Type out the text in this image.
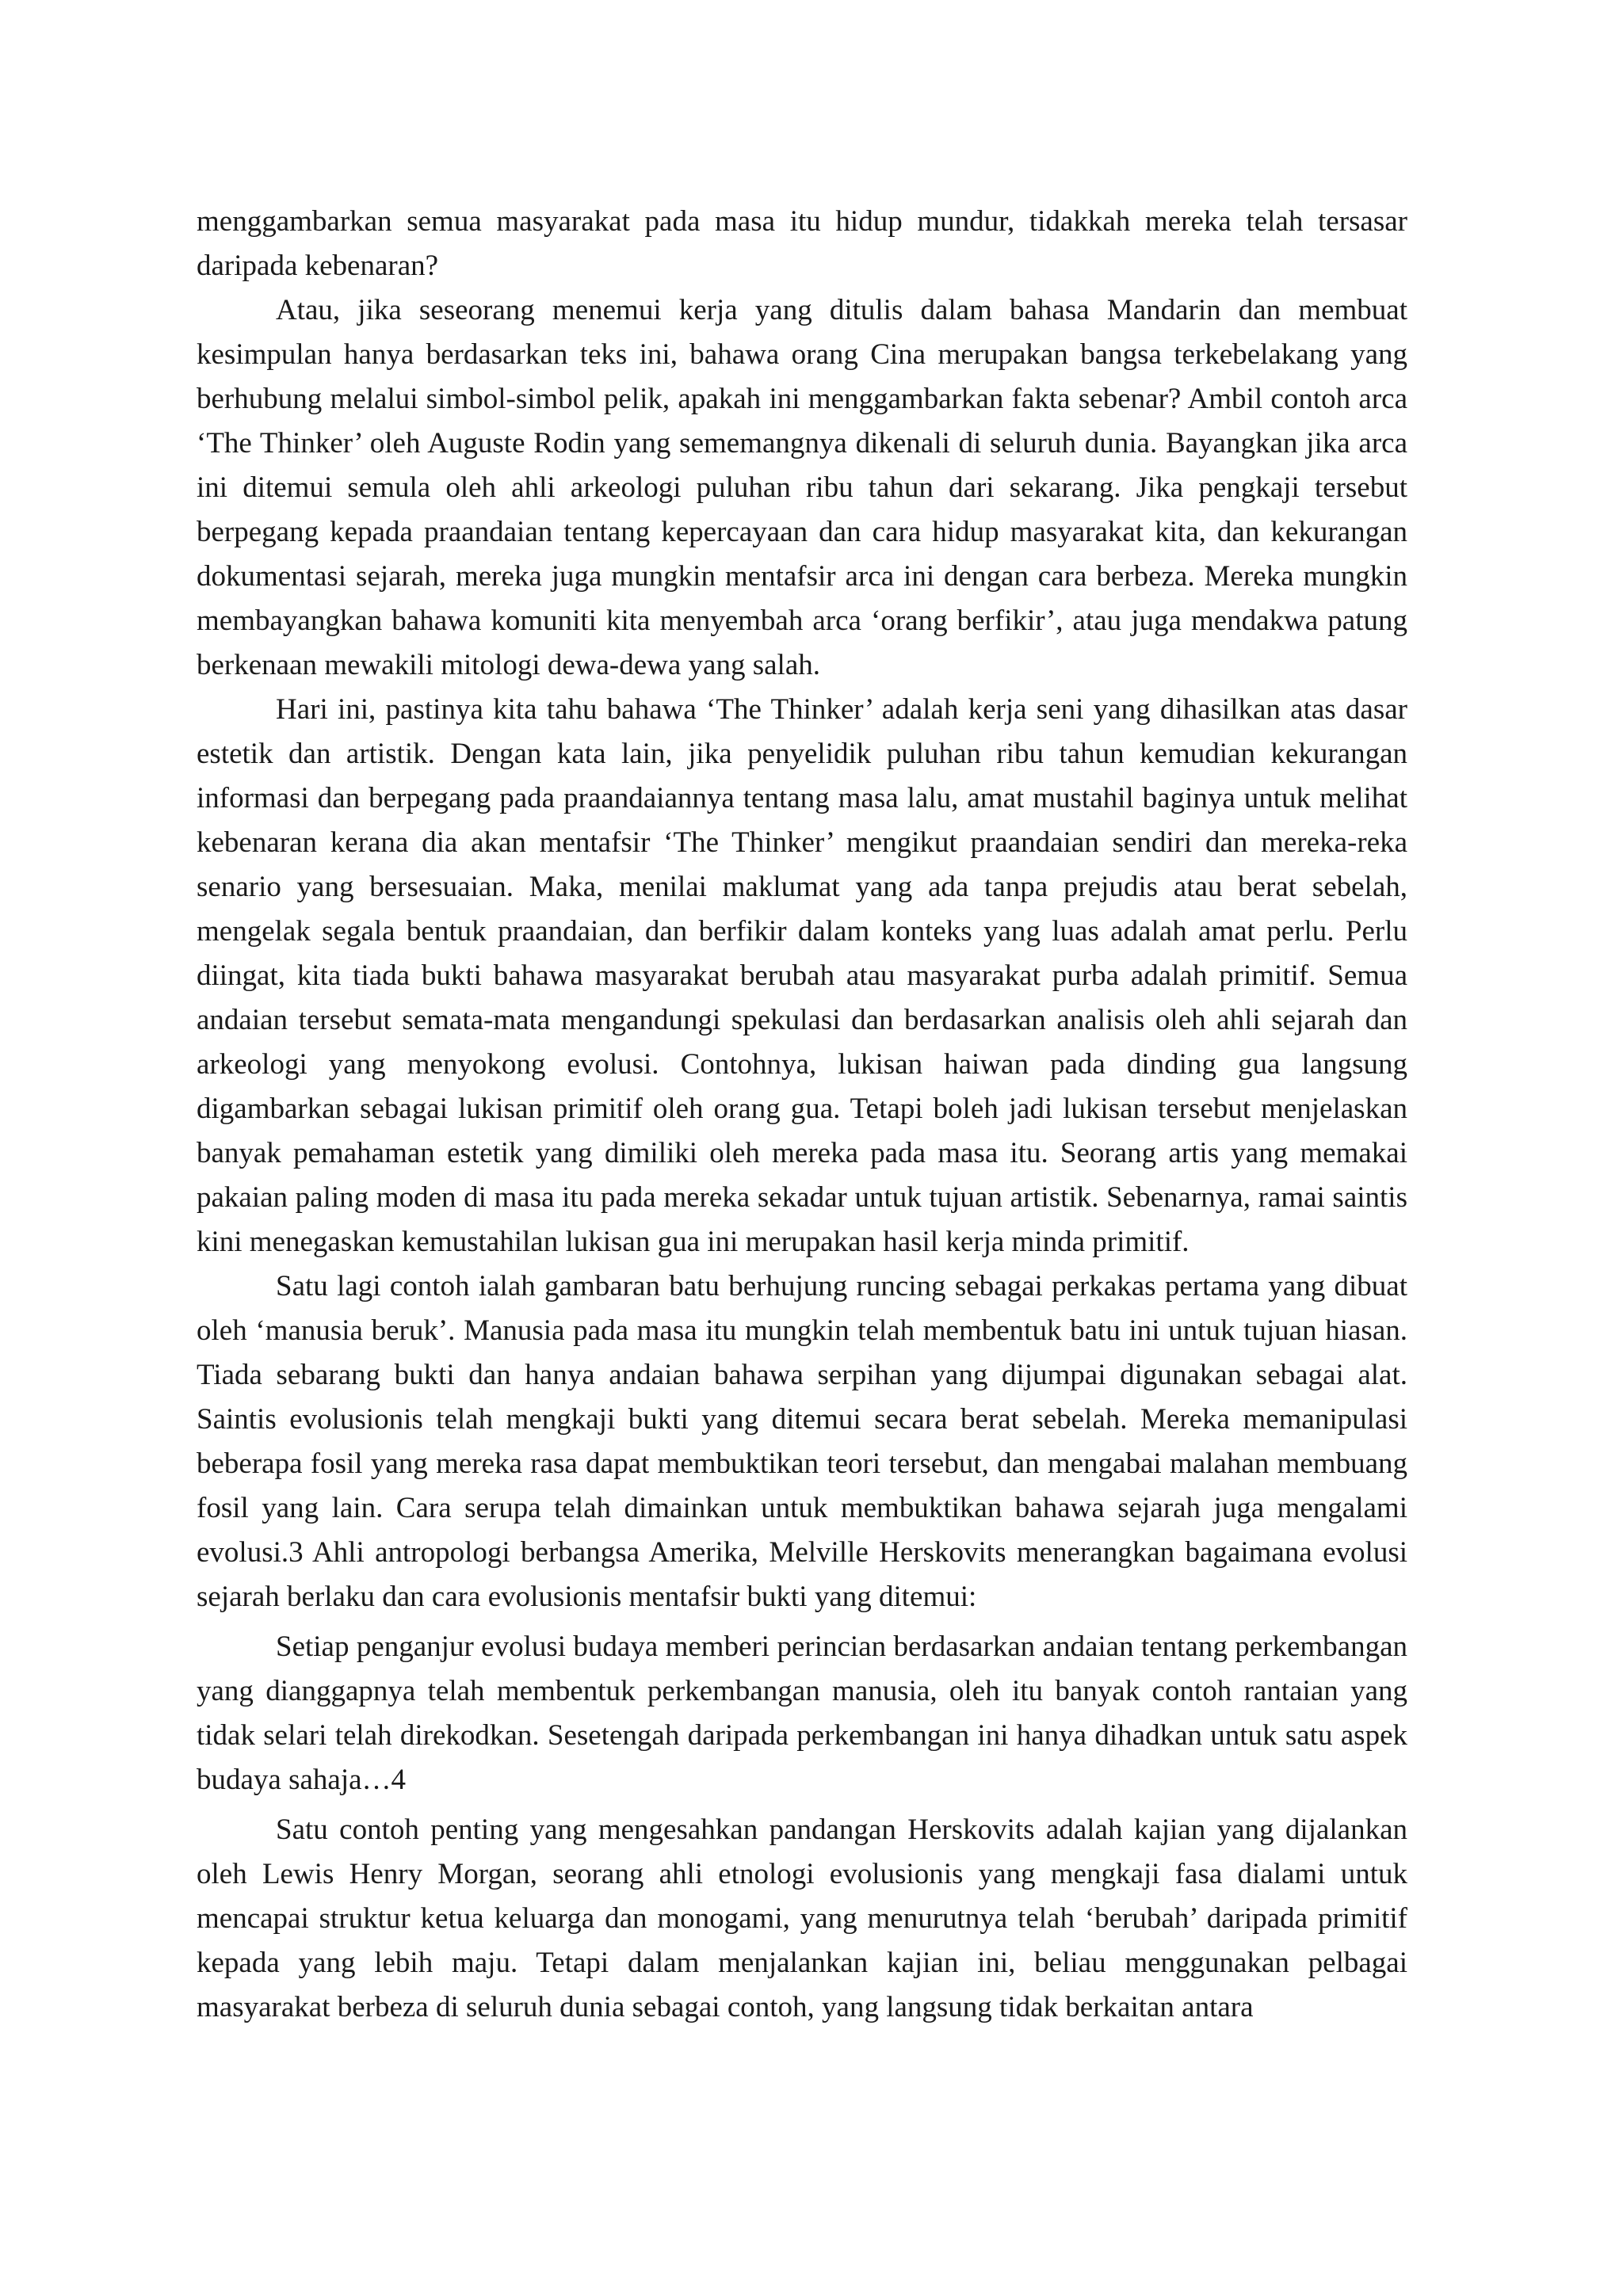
menggambarkan semua masyarakat pada masa itu hidup mundur, tidakkah mereka telah tersasar daripada kebenaran?

Atau, jika seseorang menemui kerja yang ditulis dalam bahasa Mandarin dan membuat kesimpulan hanya berdasarkan teks ini, bahawa orang Cina merupakan bangsa terkebelakang yang berhubung melalui simbol-simbol pelik, apakah ini menggambarkan fakta sebenar? Ambil contoh arca ‘The Thinker’ oleh Auguste Rodin yang sememangnya dikenali di seluruh dunia. Bayangkan jika arca ini ditemui semula oleh ahli arkeologi puluhan ribu tahun dari sekarang. Jika pengkaji tersebut berpegang kepada praandaian tentang kepercayaan dan cara hidup masyarakat kita, dan kekurangan dokumentasi sejarah, mereka juga mungkin mentafsir arca ini dengan cara berbeza. Mereka mungkin membayangkan bahawa komuniti kita menyembah arca ‘orang berfikir’, atau juga mendakwa patung berkenaan mewakili mitologi dewa-dewa yang salah.

Hari ini, pastinya kita tahu bahawa ‘The Thinker’ adalah kerja seni yang dihasilkan atas dasar estetik dan artistik. Dengan kata lain, jika penyelidik puluhan ribu tahun kemudian kekurangan informasi dan berpegang pada praandaiannya tentang masa lalu, amat mustahil baginya untuk melihat kebenaran kerana dia akan mentafsir ‘The Thinker’ mengikut praandaian sendiri dan mereka-reka senario yang bersesuaian. Maka, menilai maklumat yang ada tanpa prejudis atau berat sebelah, mengelak segala bentuk praandaian, dan berfikir dalam konteks yang luas adalah amat perlu. Perlu diingat, kita tiada bukti bahawa masyarakat berubah atau masyarakat purba adalah primitif. Semua andaian tersebut semata-mata mengandungi spekulasi dan berdasarkan analisis oleh ahli sejarah dan arkeologi yang menyokong evolusi. Contohnya, lukisan haiwan pada dinding gua langsung digambarkan sebagai lukisan primitif oleh orang gua. Tetapi boleh jadi lukisan tersebut menjelaskan banyak pemahaman estetik yang dimiliki oleh mereka pada masa itu. Seorang artis yang memakai pakaian paling moden di masa itu pada mereka sekadar untuk tujuan artistik. Sebenarnya, ramai saintis kini menegaskan kemustahilan lukisan gua ini merupakan hasil kerja minda primitif.

Satu lagi contoh ialah gambaran batu berhujung runcing sebagai perkakas pertama yang dibuat oleh ‘manusia beruk’. Manusia pada masa itu mungkin telah membentuk batu ini untuk tujuan hiasan. Tiada sebarang bukti dan hanya andaian bahawa serpihan yang dijumpai digunakan sebagai alat. Saintis evolusionis telah mengkaji bukti yang ditemui secara berat sebelah. Mereka memanipulasi beberapa fosil yang mereka rasa dapat membuktikan teori tersebut, dan mengabai malahan membuang fosil yang lain. Cara serupa telah dimainkan untuk membuktikan bahawa sejarah juga mengalami evolusi.3 Ahli antropologi berbangsa Amerika, Melville Herskovits menerangkan bagaimana evolusi sejarah berlaku dan cara evolusionis mentafsir bukti yang ditemui:

Setiap penganjur evolusi budaya memberi perincian berdasarkan andaian tentang perkembangan yang dianggapnya telah membentuk perkembangan manusia, oleh itu banyak contoh rantaian yang tidak selari telah direkodkan. Sesetengah daripada perkembangan ini hanya dihadkan untuk satu aspek budaya sahaja…4

Satu contoh penting yang mengesahkan pandangan Herskovits adalah kajian yang dijalankan oleh Lewis Henry Morgan, seorang ahli etnologi evolusionis yang mengkaji fasa dialami untuk mencapai struktur ketua keluarga dan monogami, yang menurutnya telah ‘berubah’ daripada primitif kepada yang lebih maju. Tetapi dalam menjalankan kajian ini, beliau menggunakan pelbagai masyarakat berbeza di seluruh dunia sebagai contoh, yang langsung tidak berkaitan antara
